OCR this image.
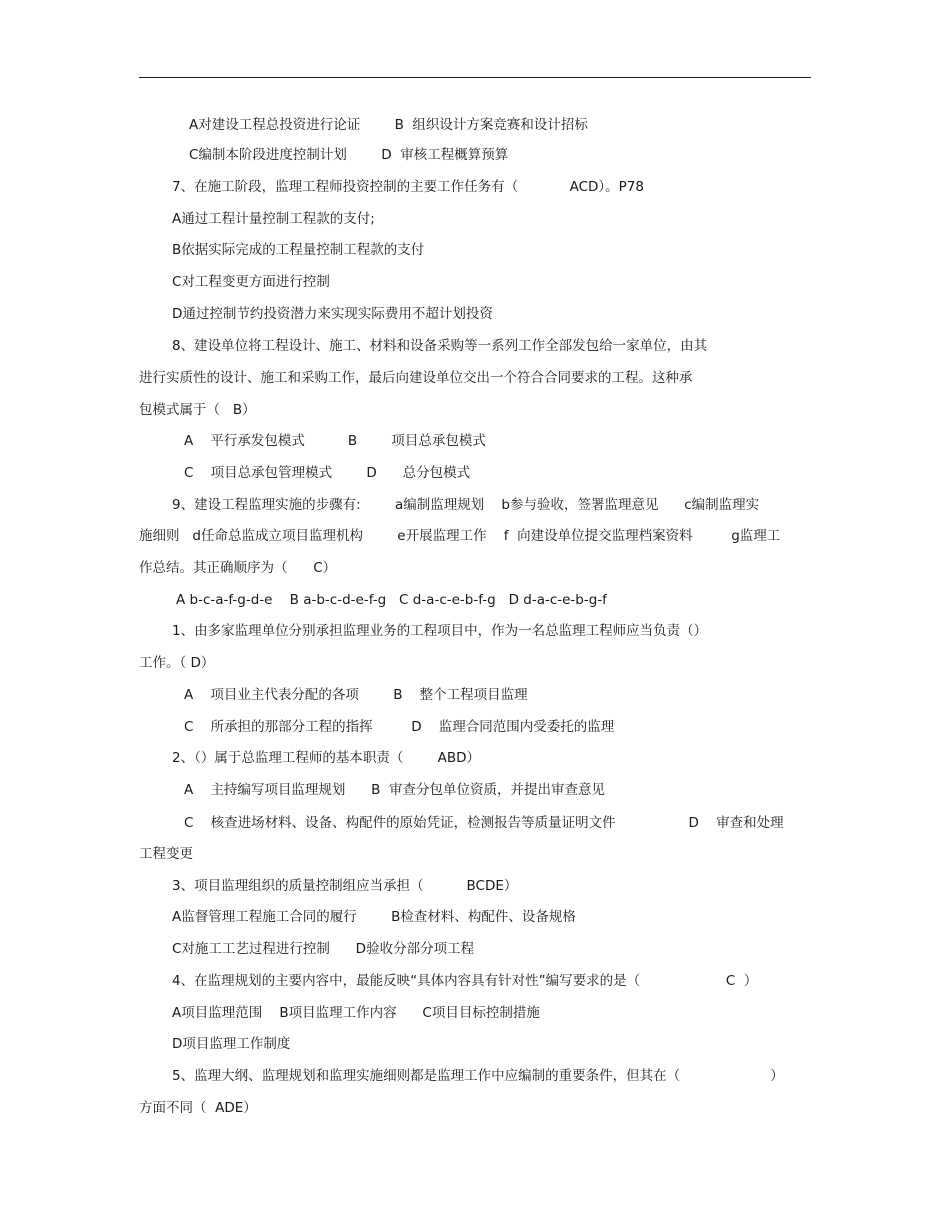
A对建设工程总投资进行论证        B  组织设计方案竞赛和设计招标
C编制本阶段进度控制计划        D  审核工程概算预算
7、在施工阶段，监理工程师投资控制的主要工作任务有（            ACD）。P78
A通过工程计量控制工程款的支付;
B依据实际完成的工程量控制工程款的支付
C对工程变更方面进行控制
D通过控制节约投资潜力来实现实际费用不超计划投资
8、建设单位将工程设计、施工、材料和设备采购等一系列工作全部发包给一家单位，由其
进行实质性的设计、施工和采购工作，最后向建设单位交出一个符合合同要求的工程。这种承
包模式属于（   B）
A    平行承发包模式          B        项目总承包模式
C    项目总承包管理模式        D      总分包模式
9、建设工程监理实施的步骤有:        a编制监理规划    b参与验收，签署监理意见      c编制监理实
施细则   d任命总监成立项目监理机构        e开展监理工作    f  向建设单位提交监理档案资料         g监理工
作总结。其正确顺序为（      C）
A b-c-a-f-g-d-e    B a-b-c-d-e-f-g   C d-a-c-e-b-f-g   D d-a-c-e-b-g-f
1、由多家监理单位分别承担监理业务的工程项目中，作为一名总监理工程师应当负责（）
工作。（ D）
A    项目业主代表分配的各项        B    整个工程项目监理
C    所承担的那部分工程的指挥         D    监理合同范围内受委托的监理
2、（）属于总监理工程师的基本职责（        ABD）
A    主持编写项目监理规划      B  审查分包单位资质，并提出审查意见
C    核查进场材料、设备、构配件的原始凭证，检测报告等质量证明文件                 D    审查和处理
工程变更
3、项目监理组织的质量控制组应当承担（          BCDE）
A监督管理工程施工合同的履行        B检查材料、构配件、设备规格
C对施工工艺过程进行控制      D验收分部分项工程
4、在监理规划的主要内容中，最能反映“具体内容具有针对性”编写要求的是（                    C  ）
A项目监理范围    B项目监理工作内容      C项目目标控制措施
D项目监理工作制度
5、监理大纲、监理规划和监理实施细则都是监理工作中应编制的重要条件，但其在（                     ）
方面不同（  ADE）
